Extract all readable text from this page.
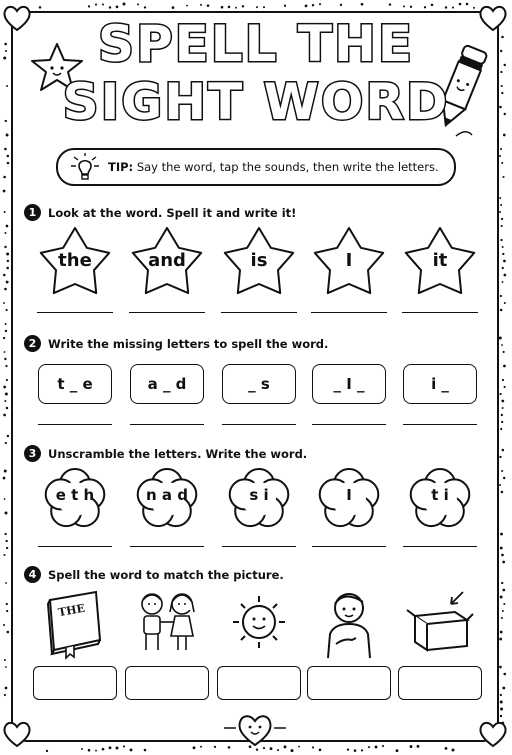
SPELL THE
SIGHT WORD
TIP: Say the word, tap the sounds, then write the letters.
1	Look at the word. Spell it and write it!
2	Write the missing letters to spell the word.
3	Unscramble the letters. Write the word.
4	Spell the word to match the picture.
the	and	is	I	it
t _ e	a _ d	_ s	_ I _	i _
e t h	n a d	s i	I	t i
THE
